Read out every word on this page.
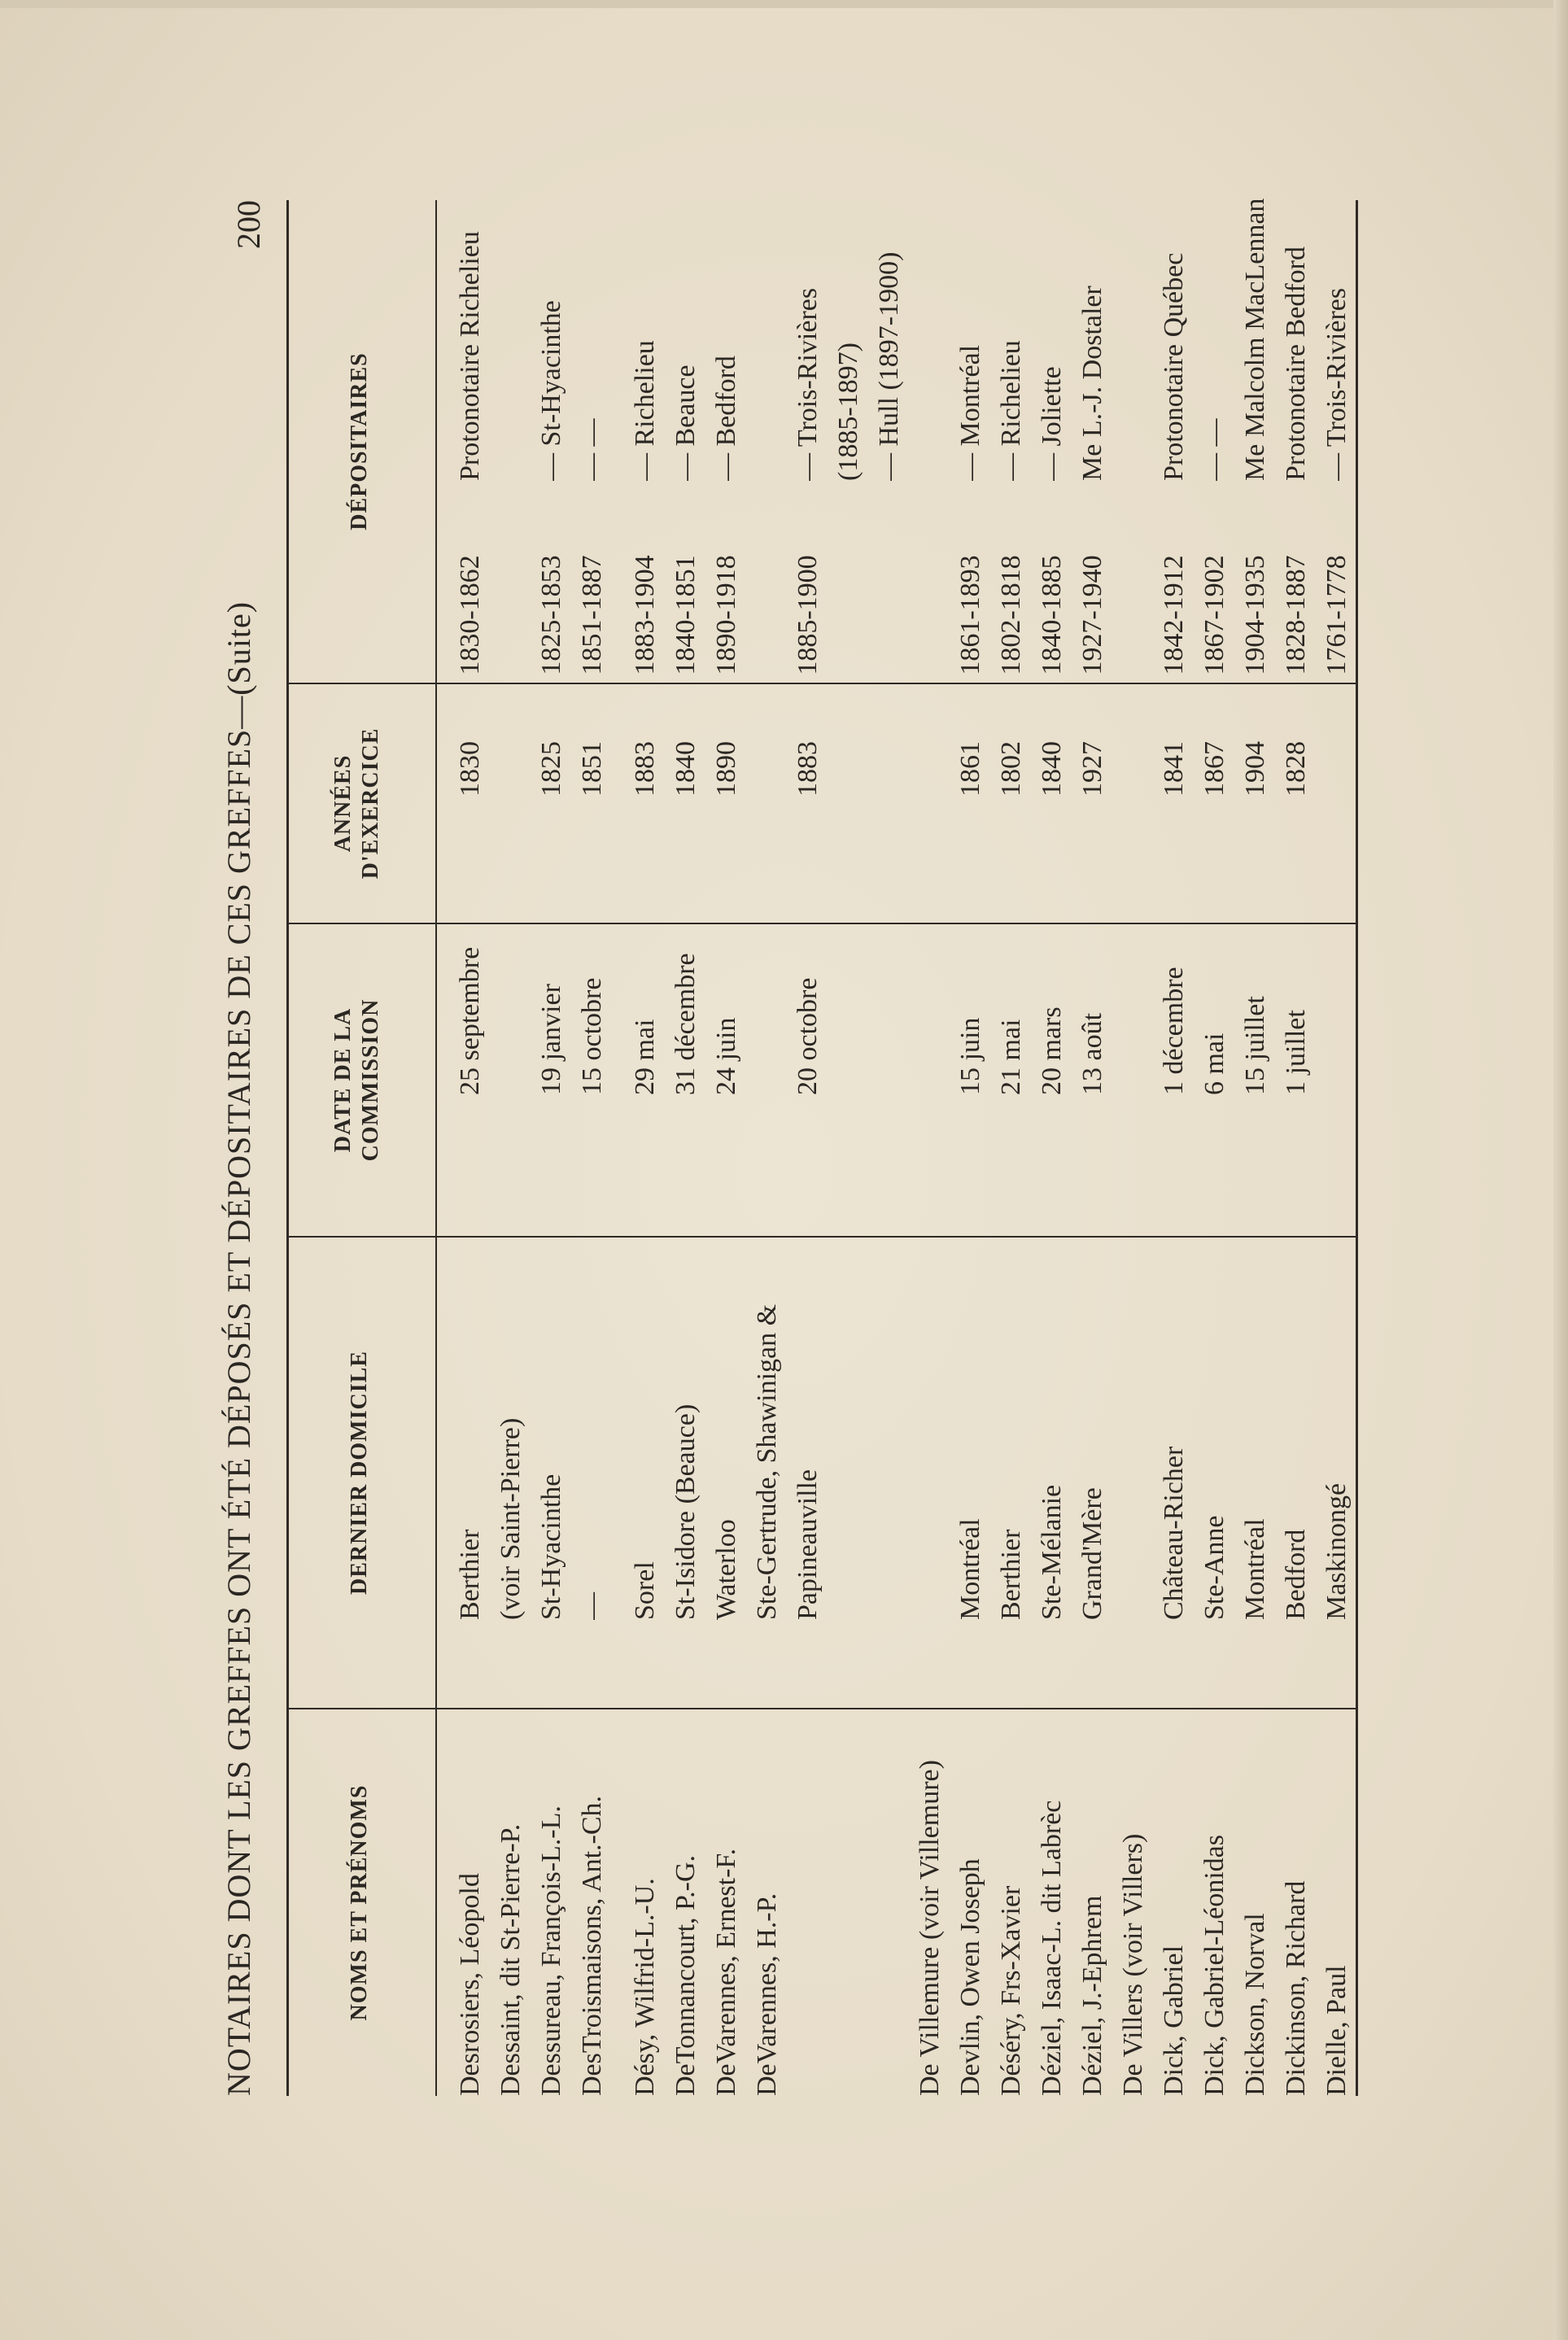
NOTAIRES DONT LES GREFFES ONT ÉTÉ DÉPOSÉS ET DÉPOSITAIRES DE CES GREFFES—(Suite)
200
NOMS ET PRÉNOMS
DERNIER DOMICILE
DATE DE LA COMMISSION
ANNÉES D'EXERCICE
DÉPOSITAIRES
Desrosiers, Léopold
Berthier
25 septembre
1830
1830-1862
Protonotaire Richelieu
Dessaint, dit St-Pierre-P.
(voir Saint-Pierre)
Dessureau, François-L.-L.
St-Hyacinthe
19 janvier
1825
1825-1853
— St-Hyacinthe
DesTroismaisons, Ant.-Ch.
—
15 octobre
1851
1851-1887
— —
Désy, Wilfrid-L.-U.
Sorel
29 mai
1883
1883-1904
— Richelieu
DeTonnancourt, P.-G.
St-Isidore (Beauce)
31 décembre
1840
1840-1851
— Beauce
DeVarennes, Ernest-F.
Waterloo
24 juin
1890
1890-1918
— Bedford
DeVarennes, H.-P.
Ste-Gertrude, Shawinigan & Papineauville
20 octobre
1883
1885-1900
— Trois-Rivières (1885-1897) — Hull (1897-1900)
De Villemure (voir Villemure) Devlin, Owen Joseph
Montréal
15 juin
1861
1861-1893
— Montréal
Déséry, Frs-Xavier
Berthier
21 mai
1802
1802-1818
— Richelieu
Déziel, Isaac-L. dit Labrèc
Ste-Mélanie
20 mars
1840
1840-1885
— Joliette
Déziel, J.-Ephrem
Grand'Mère
13 août
1927
1927-1940
Me L.-J. Dostaler
De Villers (voir Villers) Dick, Gabriel
Château-Richer
1 décembre
1841
1842-1912
Protonotaire Québec
Dick, Gabriel-Léonidas
Ste-Anne
6 mai
1867
1867-1902
— —
Dickson, Norval
Montréal
15 juillet
1904
1904-1935
Me Malcolm MacLennan
Dickinson, Richard
Bedford
1 juillet
1828
1828-1887
Protonotaire Bedford
Dielle, Paul
Maskinongé
1761-1778
— Trois-Rivières
